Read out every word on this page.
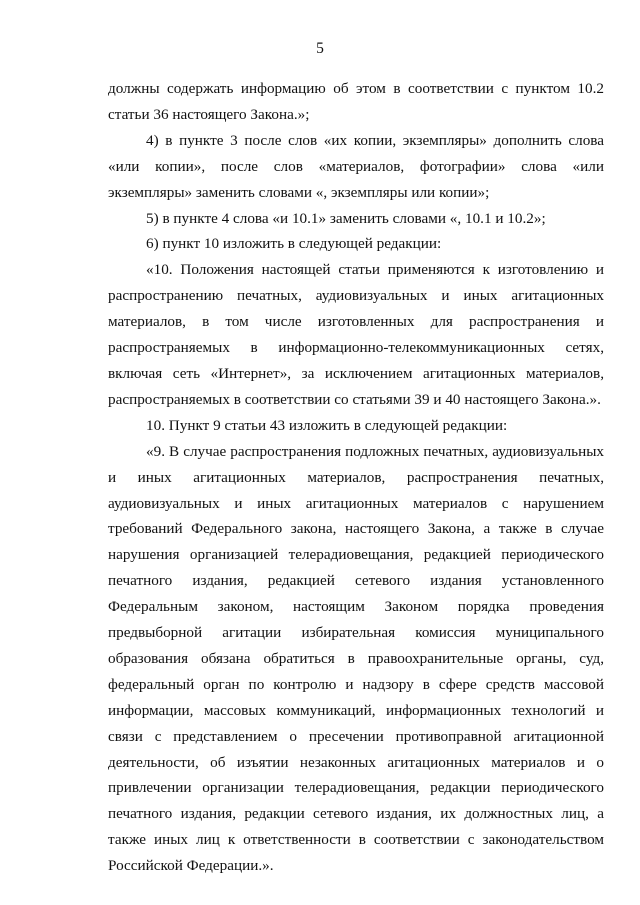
5

должны содержать информацию об этом в соответствии с пунктом 10.2 статьи 36 настоящего Закона.»;

4) в пункте 3 после слов «их копии, экземпляры» дополнить слова «или копии», после слов «материалов, фотографии» слова «или экземпляры» заменить словами «, экземпляры или копии»;

5) в пункте 4 слова «и 10.1» заменить словами «, 10.1 и 10.2»;

6) пункт 10 изложить в следующей редакции:

«10. Положения настоящей статьи применяются к изготовлению и распространению печатных, аудиовизуальных и иных агитационных материалов, в том числе изготовленных для распространения и распространяемых в информационно-телекоммуникационных сетях, включая сеть «Интернет», за исключением агитационных материалов, распространяемых в соответствии со статьями 39 и 40 настоящего Закона.».

10. Пункт 9 статьи 43 изложить в следующей редакции:

«9. В случае распространения подложных печатных, аудиовизуальных и иных агитационных материалов, распространения печатных, аудиовизуальных и иных агитационных материалов с нарушением требований Федерального закона, настоящего Закона, а также в случае нарушения организацией телерадиовещания, редакцией периодического печатного издания, редакцией сетевого издания установленного Федеральным законом, настоящим Законом порядка проведения предвыборной агитации избирательная комиссия муниципального образования обязана обратиться в правоохранительные органы, суд, федеральный орган по контролю и надзору в сфере средств массовой информации, массовых коммуникаций, информационных технологий и связи с представлением о пресечении противоправной агитационной деятельности, об изъятии незаконных агитационных материалов и о привлечении организации телерадиовещания, редакции периодического печатного издания, редакции сетевого издания, их должностных лиц, а также иных лиц к ответственности в соответствии с законодательством Российской Федерации.».
